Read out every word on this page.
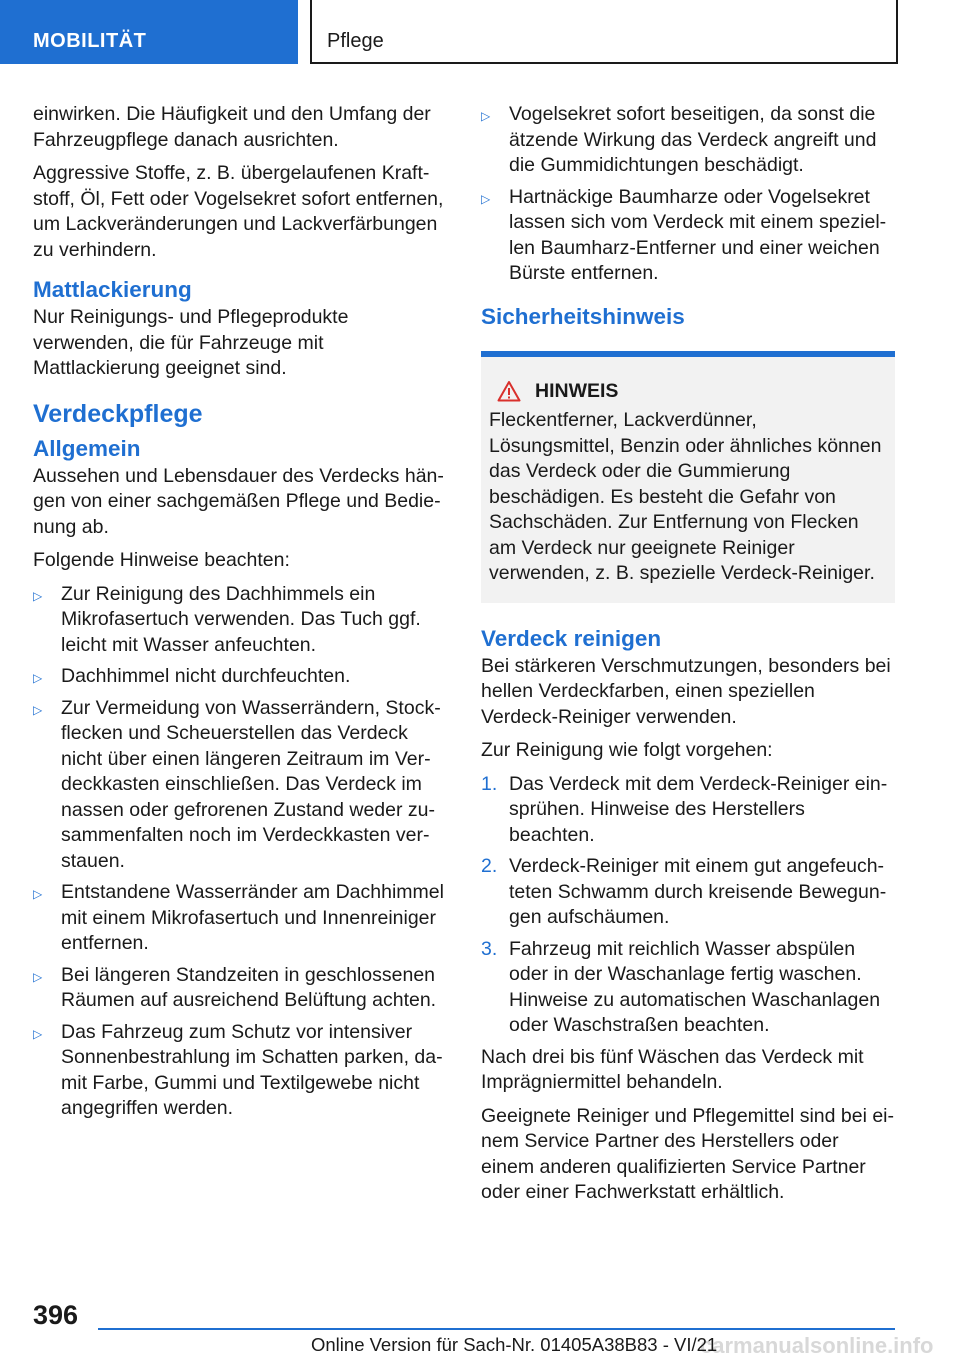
MOBILITÄT	Pflege

einwirken. Die Häufigkeit und den Umfang der Fahrzeugpflege danach ausrichten.

Aggressive Stoffe, z. B. übergelaufenen Kraftstoff, Öl, Fett oder Vogelsekret sofort entfernen, um Lackveränderungen und Lackverfärbungen zu verhindern.

Mattlackierung

Nur Reinigungs- und Pflegeprodukte verwenden, die für Fahrzeuge mit Mattlackierung geeignet sind.

Verdeckpflege
Allgemein

Aussehen und Lebensdauer des Verdecks hängen von einer sachgemäßen Pflege und Bedienung ab.

Folgende Hinweise beachten:

▷ Zur Reinigung des Dachhimmels ein Mikrofasertuch verwenden. Das Tuch ggf. leicht mit Wasser anfeuchten.
▷ Dachhimmel nicht durchfeuchten.
▷ Zur Vermeidung von Wasserrändern, Stockflecken und Scheuerstellen das Verdeck nicht über einen längeren Zeitraum im Verdeckkasten einschließen. Das Verdeck im nassen oder gefrorenen Zustand weder zusammenfalten noch im Verdeckkasten verstauen.
▷ Entstandene Wasserränder am Dachhimmel mit einem Mikrofasertuch und Innenreiniger entfernen.
▷ Bei längeren Standzeiten in geschlossenen Räumen auf ausreichend Belüftung achten.
▷ Das Fahrzeug zum Schutz vor intensiver Sonnenbestrahlung im Schatten parken, damit Farbe, Gummi und Textilgewebe nicht angegriffen werden.
▷ Vogelsekret sofort beseitigen, da sonst die ätzende Wirkung das Verdeck angreift und die Gummidichtungen beschädigt.
▷ Hartnäckige Baumharze oder Vogelsekret lassen sich vom Verdeck mit einem speziellen Baumharz-Entferner und einer weichen Bürste entfernen.
Sicherheitshinweis
HINWEIS

Fleckentferner, Lackverdünner, Lösungsmittel, Benzin oder ähnliches können das Verdeck oder die Gummierung beschädigen. Es besteht die Gefahr von Sachschäden. Zur Entfernung von Flecken am Verdeck nur geeignete Reiniger verwenden, z. B. spezielle Verdeck-Reiniger.

Verdeck reinigen

Bei stärkeren Verschmutzungen, besonders bei hellen Verdeckfarben, einen speziellen Verdeck-Reiniger verwenden.

Zur Reinigung wie folgt vorgehen:

1. Das Verdeck mit dem Verdeck-Reiniger einsprühen. Hinweise des Herstellers beachten.
2. Verdeck-Reiniger mit einem gut angefeuchteten Schwamm durch kreisende Bewegungen aufschäumen.
3. Fahrzeug mit reichlich Wasser abspülen oder in der Waschanlage fertig waschen. Hinweise zu automatischen Waschanlagen oder Waschstraßen beachten.

Nach drei bis fünf Wäschen das Verdeck mit Imprägniermittel behandeln.

Geeignete Reiniger und Pflegemittel sind bei einem Service Partner des Herstellers oder einem anderen qualifizierten Service Partner oder einer Fachwerkstatt erhältlich.

396
carmanualsonline.info
Online Version für Sach-Nr. 01405A38B83 - VI/21
